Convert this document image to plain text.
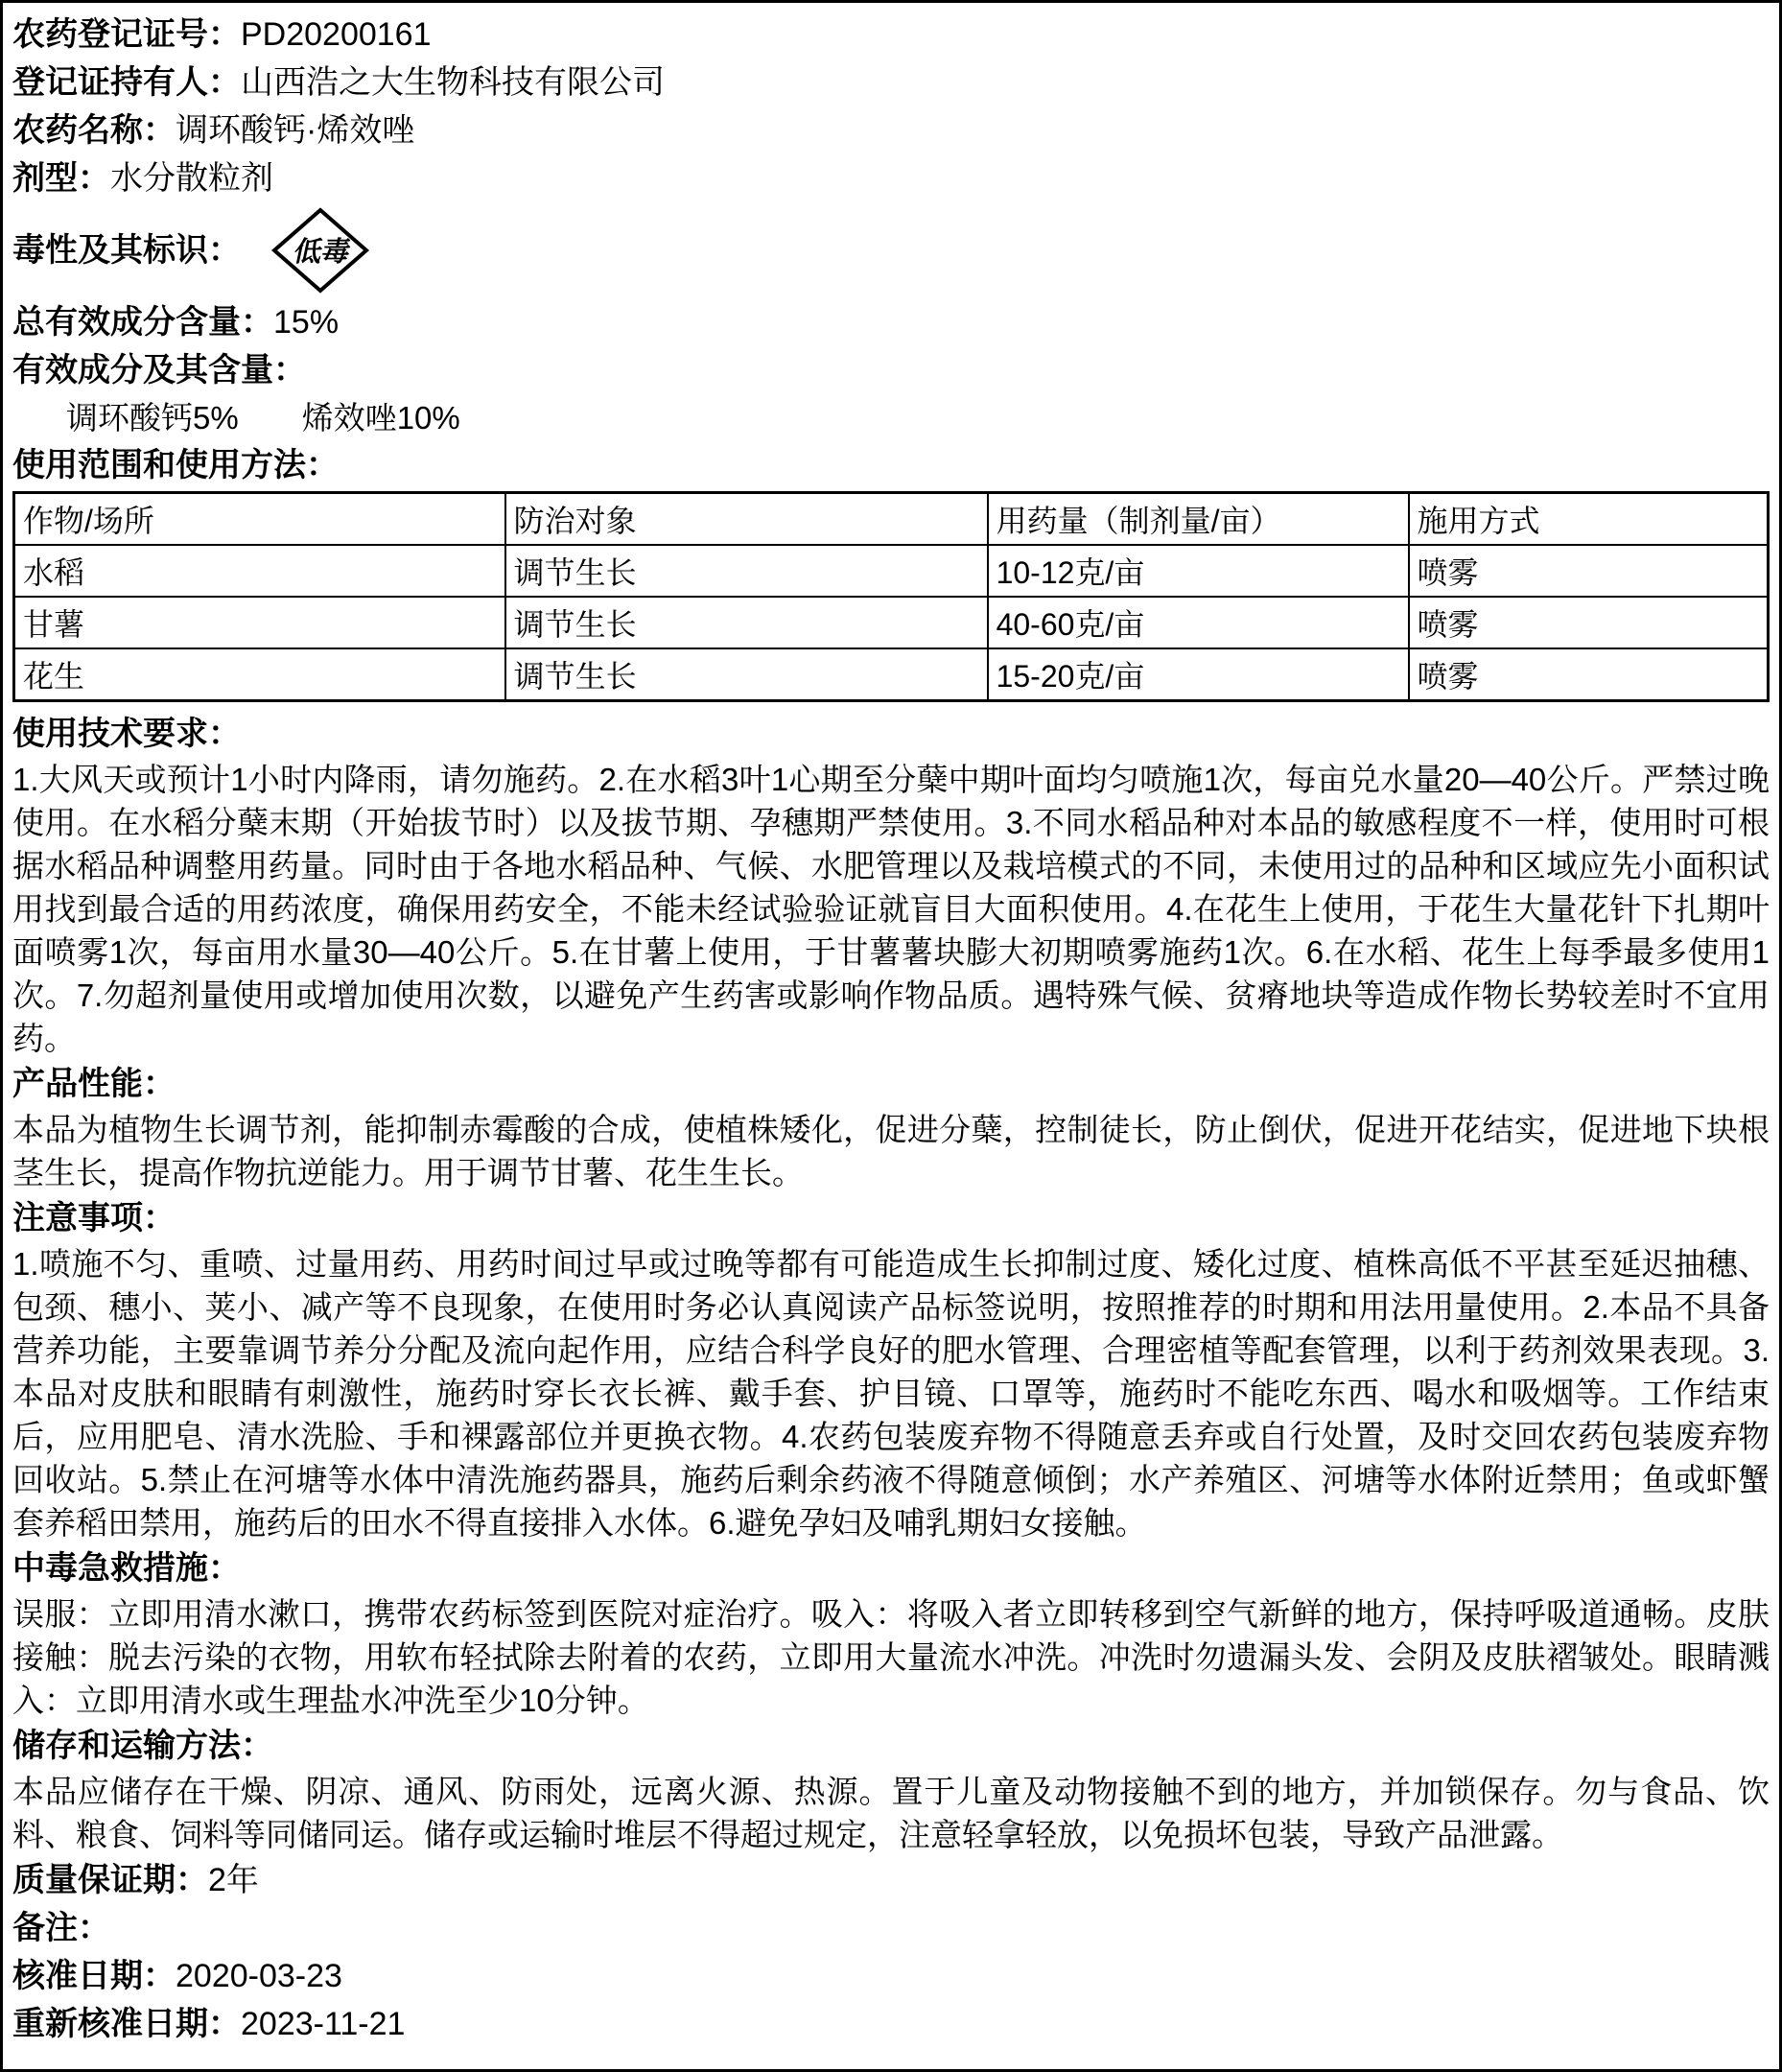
农药登记证号：PD20200161
登记证持有人：山西浩之大生物科技有限公司
农药名称：调环酸钙·烯效唑
剂型：水分散粒剂
毒性及其标识： 低毒
总有效成分含量：15%
有效成分及其含量：
调环酸钙5%　　烯效唑10%
使用范围和使用方法：
作物/场所	防治对象	用药量（制剂量/亩）	施用方式
水稻	调节生长	10-12克/亩	喷雾
甘薯	调节生长	40-60克/亩	喷雾
花生	调节生长	15-20克/亩	喷雾
使用技术要求：

1.大风天或预计1小时内降雨，请勿施药。2.在水稻3叶1心期至分蘖中期叶面均匀喷施1次，每亩兑水量20—40公斤。严禁过晚使用。在水稻分蘖末期（开始拔节时）以及拔节期、孕穗期严禁使用。3.不同水稻品种对本品的敏感程度不一样，使用时可根据水稻品种调整用药量。同时由于各地水稻品种、气候、水肥管理以及栽培模式的不同，未使用过的品种和区域应先小面积试用找到最合适的用药浓度，确保用药安全，不能未经试验验证就盲目大面积使用。4.在花生上使用，于花生大量花针下扎期叶面喷雾1次，每亩用水量30—40公斤。5.在甘薯上使用，于甘薯薯块膨大初期喷雾施药1次。6.在水稻、花生上每季最多使用1次。7.勿超剂量使用或增加使用次数，以避免产生药害或影响作物品质。遇特殊气候、贫瘠地块等造成作物长势较差时不宜用药。

产品性能：

本品为植物生长调节剂，能抑制赤霉酸的合成，使植株矮化，促进分蘖，控制徒长，防止倒伏，促进开花结实，促进地下块根茎生长，提高作物抗逆能力。用于调节甘薯、花生生长。

注意事项：

1.喷施不匀、重喷、过量用药、用药时间过早或过晚等都有可能造成生长抑制过度、矮化过度、植株高低不平甚至延迟抽穗、包颈、穗小、荚小、减产等不良现象，在使用时务必认真阅读产品标签说明，按照推荐的时期和用法用量使用。2.本品不具备营养功能，主要靠调节养分分配及流向起作用，应结合科学良好的肥水管理、合理密植等配套管理，以利于药剂效果表现。3.本品对皮肤和眼睛有刺激性，施药时穿长衣长裤、戴手套、护目镜、口罩等，施药时不能吃东西、喝水和吸烟等。工作结束后，应用肥皂、清水洗脸、手和裸露部位并更换衣物。4.农药包装废弃物不得随意丢弃或自行处置，及时交回农药包装废弃物回收站。5.禁止在河塘等水体中清洗施药器具，施药后剩余药液不得随意倾倒；水产养殖区、河塘等水体附近禁用；鱼或虾蟹套养稻田禁用，施药后的田水不得直接排入水体。6.避免孕妇及哺乳期妇女接触。

中毒急救措施：

误服：立即用清水漱口，携带农药标签到医院对症治疗。吸入：将吸入者立即转移到空气新鲜的地方，保持呼吸道通畅。皮肤接触：脱去污染的衣物，用软布轻拭除去附着的农药，立即用大量流水冲洗。冲洗时勿遗漏头发、会阴及皮肤褶皱处。眼睛溅入：立即用清水或生理盐水冲洗至少10分钟。

储存和运输方法：

本品应储存在干燥、阴凉、通风、防雨处，远离火源、热源。置于儿童及动物接触不到的地方，并加锁保存。勿与食品、饮料、粮食、饲料等同储同运。储存或运输时堆层不得超过规定，注意轻拿轻放，以免损坏包装，导致产品泄露。

质量保证期：2年
备注：
核准日期：2020-03-23
重新核准日期：2023-11-21
